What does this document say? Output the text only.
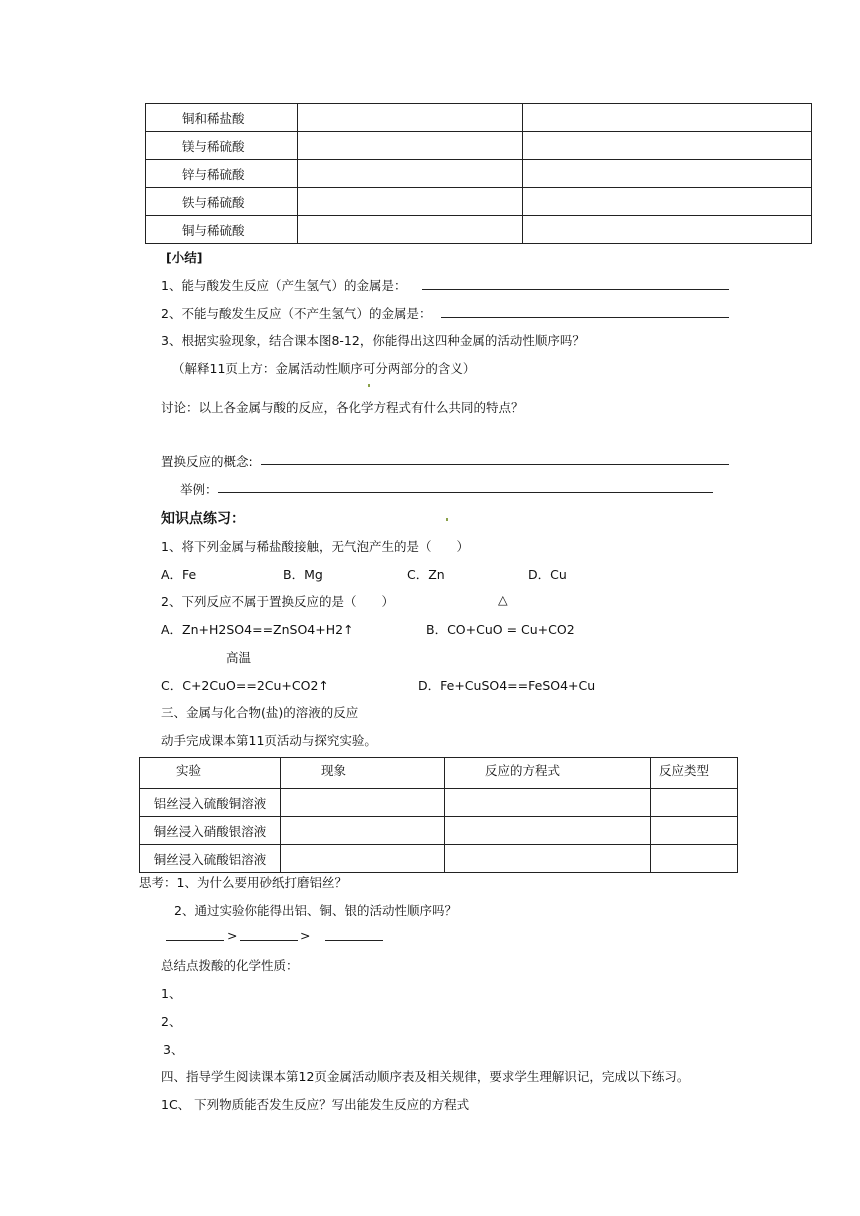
铜和稀盐酸		
镁与稀硫酸		
锌与稀硫酸		
铁与稀硫酸		
铜与稀硫酸		
[小结]
1、能与酸发生反应（产生氢气）的金属是：
2、不能与酸发生反应（不产生氢气）的金属是：
3、根据实验现象，结合课本图8-12，你能得出这四种金属的活动性顺序吗？
（解释11页上方：金属活动性顺序可分两部分的含义）
讨论：以上各金属与酸的反应，各化学方程式有什么共同的特点？
置换反应的概念:
举例：
知识点练习：
1、将下列金属与稀盐酸接触，无气泡产生的是（　　）
A．Fe	B．Mg	C．Zn	D．Cu
2、下列反应不属于置换反应的是（　　）	△
A．Zn+H2SO4==ZnSO4+H2↑	B．CO+CuO = Cu+CO2
高温
C．C+2CuO==2Cu+CO2↑	D．Fe+CuSO4==FeSO4+Cu
三、金属与化合物(盐)的溶液的反应
动手完成课本第11页活动与探究实验。
实验	现象	反应的方程式	反应类型
铝丝浸入硫酸铜溶液			
铜丝浸入硝酸银溶液			
铜丝浸入硫酸铝溶液			
思考：1、为什么要用砂纸打磨铝丝？
2、通过实验你能得出铝、铜、银的活动性顺序吗？
>	>
总结点拨酸的化学性质：
1、
2、
3、
四、指导学生阅读课本第12页金属活动顺序表及相关规律，要求学生理解识记，完成以下练习。
1C、 下列物质能否发生反应？写出能发生反应的方程式
